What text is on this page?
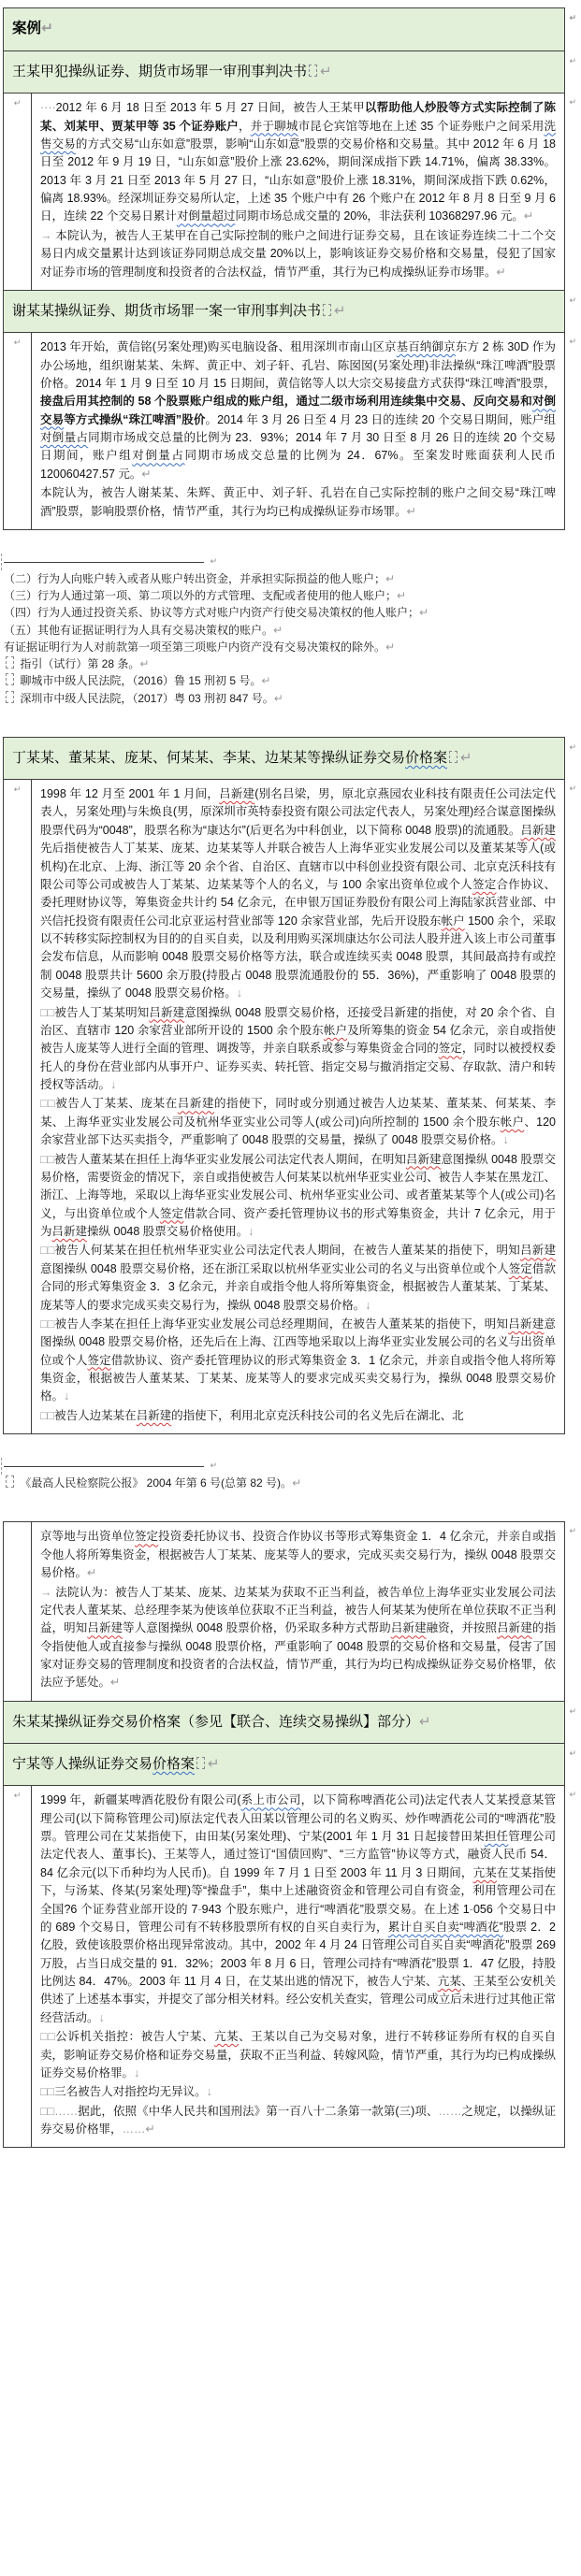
案例↵
↵
王某甲犯操纵证券、期货市场罪一审刑事判决书 ↵
↵
↵	····2012 年 6 月 18 日至 2013 年 5 月 27 日间，被告人王某甲以帮助他人炒股等方式实际控制了陈某、刘某甲、贾某甲等 35 个证券账户，并于聊城市昆仑宾馆等地在上述 35 个证券账户之间采用洗售交易的方式交易“山东如意”股票，影响“山东如意”股票的交易价格和交易量。其中 2012 年 6 月 18 日至 2012 年 9 月 19 日，“山东如意”股价上涨 23.62%，期间深成指下跌 14.71%，偏离 38.33%。2013 年 3 月 21 日至 2013 年 5 月 27 日，“山东如意”股价上涨 18.31%，期间深成指下跌 0.62%，偏离 18.93%。经深圳证券交易所认定，上述 35 个账户中有 26 个账户在 2012 年 8 月 8 日至 9 月 6 日，连续 22 个交易日累计对倒量超过同期市场总成交量的 20%，非法获利 10368297.96 元。↵
→ 本院认为，被告人王某甲在自己实际控制的账户之间进行证券交易，且在该证券连续二十二个交易日内成交量累计达到该证券同期总成交量 20%以上，影响该证券交易价格和交易量，侵犯了国家对证券市场的管理制度和投资者的合法权益，情节严重，其行为已构成操纵证券市场罪。↵
↵
谢某某操纵证券、期货市场罪一案一审刑事判决书 ↵
↵
↵	2013 年开始，黄信铭(另案处理)购买电脑设备、租用深圳市南山区京基百纳御京东方 2 栋 30D 作为办公场地，组织谢某某、朱辉、黄正中、刘子轩、孔岩、陈囡囡(另案处理)非法操纵“珠江啤酒”股票价格。2014 年 1 月 9 日至 10 月 15 日期间，黄信铭等人以大宗交易接盘方式获得“珠江啤酒”股票，接盘后用其控制的 58 个股票账户组成的账户组，通过二级市场利用连续集中交易、反向交易和对倒交易等方式操纵“珠江啤酒”股价。2014 年 3 月 26 日至 4 月 23 日的连续 20 个交易日期间，账户组对倒量占同期市场成交总量的比例为 23．93%；2014 年 7 月 30 日至 8 月 26 日的连续 20 个交易日期间，账户组对倒量占同期市场成交总量的比例为 24．67%。至案发时账面获利人民币 120060427.57 元。↵
本院认为，被告人谢某某、朱辉、黄正中、刘子轩、孔岩在自己实际控制的账户之间交易“珠江啤酒”股票，影响股票价格，情节严重，其行为均已构成操纵证券市场罪。↵
↵
↵
（二）行为人向账户转入或者从账户转出资金，并承担实际损益的他人账户；↵
（三）行为人通过第一项、第二项以外的方式管理、支配或者使用的他人账户；↵
（四）行为人通过投资关系、协议等方式对账户内资产行使交易决策权的他人账户；↵
（五）其他有证据证明行为人具有交易决策权的账户。↵
有证据证明行为人对前款第一项至第三项账户内资产没有交易决策权的除外。↵
指引（试行）第 28 条。↵
聊城市中级人民法院，（2016）鲁 15 刑初 5 号。↵
深圳市中级人民法院，（2017）粤 03 刑初 847 号。↵
丁某某、董某某、庞某、何某某、李某、边某某等操纵证券交易价格案 ↵
↵
↵	1998 年 12 月至 2001 年 1 月间，吕新建(别名吕梁，男，原北京燕园农业科技有限责任公司法定代表人，另案处理)与朱焕良(男，原深圳市英特泰投资有限公司法定代表人，另案处理)经合谋意图操纵股票代码为“0048”，股票名称为“康达尔”(后更名为中科创业，以下简称 0048 股票)的流通股。吕新建先后指使被告人丁某某、庞某、边某某等人并联合被告人上海华亚实业发展公司以及董某某等人(或机构)在北京、上海、浙江等 20 余个省、自治区、直辖市以中科创业投资有限公司、北京克沃科技有限公司等公司或被告人丁某某、边某某等个人的名义，与 100 余家出资单位或个人签定合作协议、委托理财协议等，筹集资金共计约 54 亿余元，在申银万国证券股份有限公司上海陆家浜营业部、中兴信托投资有限责任公司北京亚运村营业部等 120 余家营业部，先后开设股东帐户 1500 余个，采取以不转移实际控制权为目的的自买自卖，以及利用购买深圳康达尔公司法人股并进入该上市公司董事会发布信息，从而影响 0048 股票交易价格等方法，联合或连续买卖 0048 股票，其间最高持有或控制 0048 股票共计 5600 余万股(持股占 0048 股票流通股份的 55．36%)，严重影响了 0048 股票的交易量，操纵了 0048 股票交易价格。↓
□□被告人丁某某明知吕新建意图操纵 0048 股票交易价格，还接受吕新建的指使，对 20 余个省、自治区、直辖市 120 余家营业部所开设的 1500 余个股东帐户及所筹集的资金 54 亿余元，亲自或指使被告人庞某等人进行全面的管理、调拨等，并亲自联系或参与筹集资金合同的签定，同时以被授权委托人的身份在营业部内从事开户、证券买卖、转托管、指定交易与撤消指定交易、存取款、清户和转授权等活动。↓
□□被告人丁某某、庞某在吕新建的指使下，同时或分别通过被告人边某某、董某某、何某某、李某、上海华亚实业发展公司及杭州华亚实业公司等人(或公司)向所控制的 1500 余个股东帐户、120 余家营业部下达买卖指令，严重影响了 0048 股票的交易量，操纵了 0048 股票交易价格。↓
□□被告人董某某在担任上海华亚实业发展公司法定代表人期间，在明知吕新建意图操纵 0048 股票交易价格，需要资金的情况下，亲自或指使被告人何某某以杭州华亚实业公司、被告人李某在黑龙江、浙江、上海等地，采取以上海华亚实业发展公司、杭州华亚实业公司、或者董某某等个人(或公司)名义，与出资单位或个人签定借款合同、资产委托管理协议书的形式筹集资金，共计 7 亿余元，用于为吕新建操纵 0048 股票交易价格使用。↓
□□被告人何某某在担任杭州华亚实业公司法定代表人期间，在被告人董某某的指使下，明知吕新建意图操纵 0048 股票交易价格，还在浙江采取以杭州华亚实业公司的名义与出资单位或个人签定借款合同的形式筹集资金 3．3 亿余元，并亲自或指令他人将所筹集资金，根据被告人董某某、丁某某、庞某等人的要求完成买卖交易行为，操纵 0048 股票交易价格。↓
□□被告人李某在担任上海华亚实业发展公司总经理期间，在被告人董某某的指使下，明知吕新建意图操纵 0048 股票交易价格，还先后在上海、江西等地采取以上海华亚实业发展公司的名义与出资单位或个人签定借款协议、资产委托管理协议的形式筹集资金 3．1 亿余元，并亲自或指令他人将所筹集资金，根据被告人董某某、丁某某、庞某等人的要求完成买卖交易行为，操纵 0048 股票交易价格。↓
□□被告人边某某在吕新建的指使下，利用北京克沃科技公司的名义先后在湖北、北
↵
↵
《最高人民检察院公报》 2004 年第 6 号(总第 82 号)。↵
京等地与出资单位签定投资委托协议书、投资合作协议书等形式筹集资金 1．4 亿余元，并亲自或指令他人将所筹集资金，根据被告人丁某某、庞某等人的要求，完成买卖交易行为，操纵 0048 股票交易价格。↵
→ 法院认为：被告人丁某某、庞某、边某某为获取不正当利益，被告单位上海华亚实业发展公司法定代表人董某某、总经理李某为使该单位获取不正当利益，被告人何某某为使所在单位获取不正当利益，明知吕新建等人意图操纵 0048 股票价格，仍采取多种方式帮助吕新建融资，并按照吕新建的指令指使他人或直接参与操纵 0048 股票价格，严重影响了 0048 股票的交易价格和交易量，侵害了国家对证券交易的管理制度和投资者的合法权益，情节严重，其行为均已构成操纵证券交易价格罪，依法应予惩处。↵
↵
朱某某操纵证券交易价格案（参见【联合、连续交易操纵】部分）↵
↵
宁某等人操纵证券交易价格案 ↵
↵
↵	1999 年，新疆某啤酒花股份有限公司(系上市公司，以下简称啤酒花公司)法定代表人艾某授意某管理公司(以下简称管理公司)原法定代表人田某以管理公司的名义购买、炒作啤酒花公司的“啤酒花”股票。管理公司在艾某指使下，由田某(另案处理)、宁某(2001 年 1 月 31 日起接替田某担任管理公司法定代表人、董事长)、王某等人，通过签订“国债回购”、“三方监管”协议等方式，融资人民币 54．84 亿余元(以下币种均为人民币)。自 1999 年 7 月 1 日至 2003 年 11 月 3 日期间，亢某在艾某指使下，与汤某、佟某(另案处理)等“操盘手”，集中上述融资资金和管理公司自有资金，利用管理公司在全国?6 个证券营业部开设的 7-943 个股东账户，进行“啤酒花”股票交易。在上述 1-056 个交易日中的 689 个交易日，管理公司有不转移股票所有权的自买自卖行为，累计自买自卖“啤酒花”股票 2．2 亿股，致使该股票价格出现异常波动。其中，2002 年 4 月 24 日管理公司自买自卖“啤酒花”股票 269 万股，占当日成交量的 91．32%；2003 年 8 月 6 日，管理公司持有“啤酒花”股票 1．47 亿股，持股比例达 84．47%。2003 年 11 月 4 日，在艾某出逃的情况下，被告人宁某、亢某、王某至公安机关供述了上述基本事实，并提交了部分相关材料。经公安机关查实，管理公司成立后未进行过其他正常经营活动。↓
□□公诉机关指控：被告人宁某、亢某、王某以自己为交易对象，进行不转移证券所有权的自买自卖，影响证券交易价格和证券交易量，获取不正当利益、转嫁风险，情节严重，其行为均已构成操纵证券交易价格罪。↓
□□三名被告人对指控均无异议。↓
□□……据此，依照《中华人民共和国刑法》第一百八十二条第一款第(三)项、……之规定，以操纵证券交易价格罪，……↵
↵
